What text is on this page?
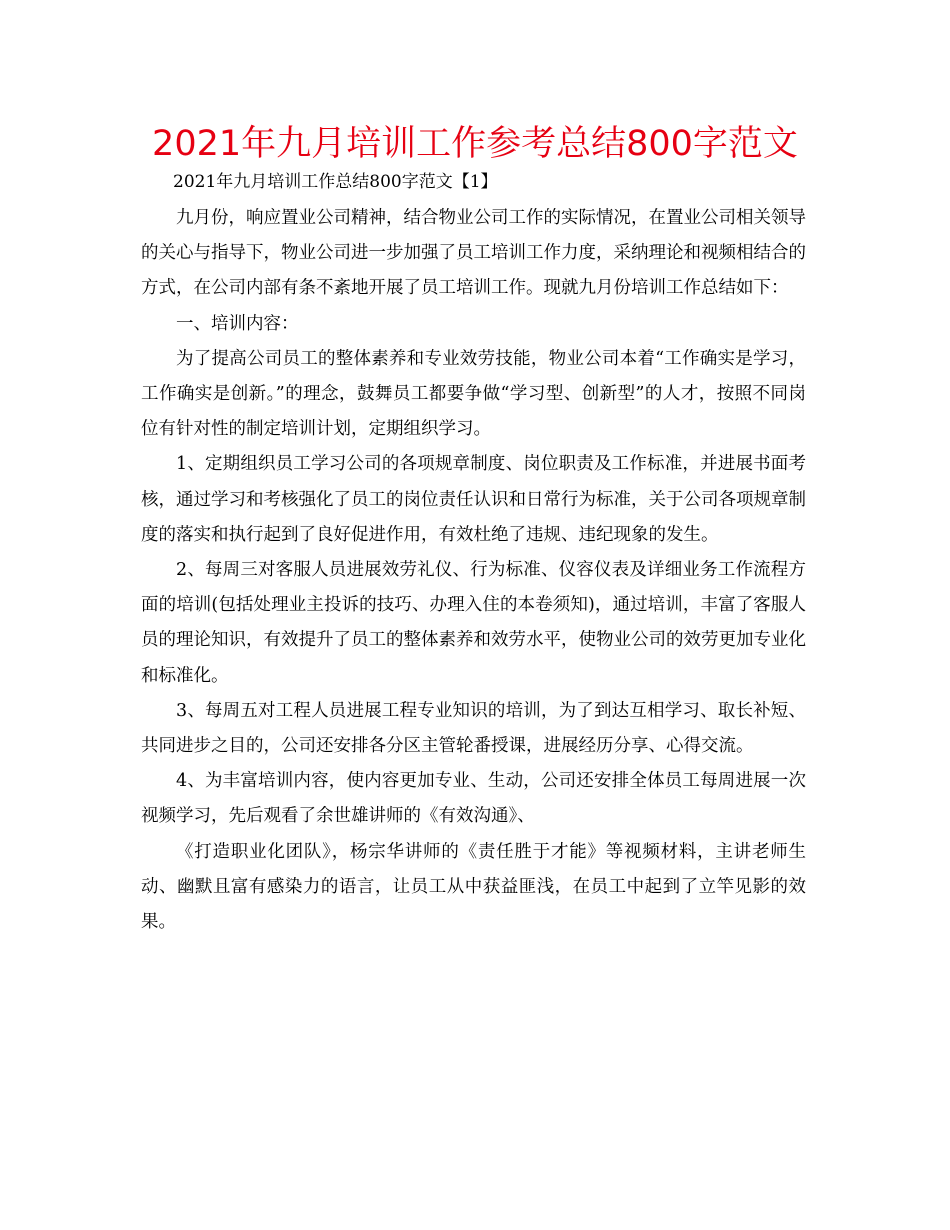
2021年九月培训工作参考总结800字范文

2021年九月培训工作总结800字范文【1】

九月份，响应置业公司精神，结合物业公司工作的实际情况，在置业公司相关领导的关心与指导下，物业公司进一步加强了员工培训工作力度，采纳理论和视频相结合的方式，在公司内部有条不紊地开展了员工培训工作。现就九月份培训工作总结如下：

一、培训内容：

为了提高公司员工的整体素养和专业效劳技能，物业公司本着“工作确实是学习，工作确实是创新。”的理念，鼓舞员工都要争做“学习型、创新型”的人才，按照不同岗位有针对性的制定培训计划，定期组织学习。

1、定期组织员工学习公司的各项规章制度、岗位职责及工作标准，并进展书面考核，通过学习和考核强化了员工的岗位责任认识和日常行为标准，关于公司各项规章制度的落实和执行起到了良好促进作用，有效杜绝了违规、违纪现象的发生。

2、每周三对客服人员进展效劳礼仪、行为标准、仪容仪表及详细业务工作流程方面的培训(包括处理业主投诉的技巧、办理入住的本卷须知)，通过培训，丰富了客服人员的理论知识，有效提升了员工的整体素养和效劳水平，使物业公司的效劳更加专业化和标准化。

3、每周五对工程人员进展工程专业知识的培训，为了到达互相学习、取长补短、共同进步之目的，公司还安排各分区主管轮番授课，进展经历分享、心得交流。

4、为丰富培训内容，使内容更加专业、生动，公司还安排全体员工每周进展一次视频学习，先后观看了余世雄讲师的《有效沟通》、

《打造职业化团队》，杨宗华讲师的《责任胜于才能》等视频材料，主讲老师生动、幽默且富有感染力的语言，让员工从中获益匪浅，在员工中起到了立竿见影的效果。
